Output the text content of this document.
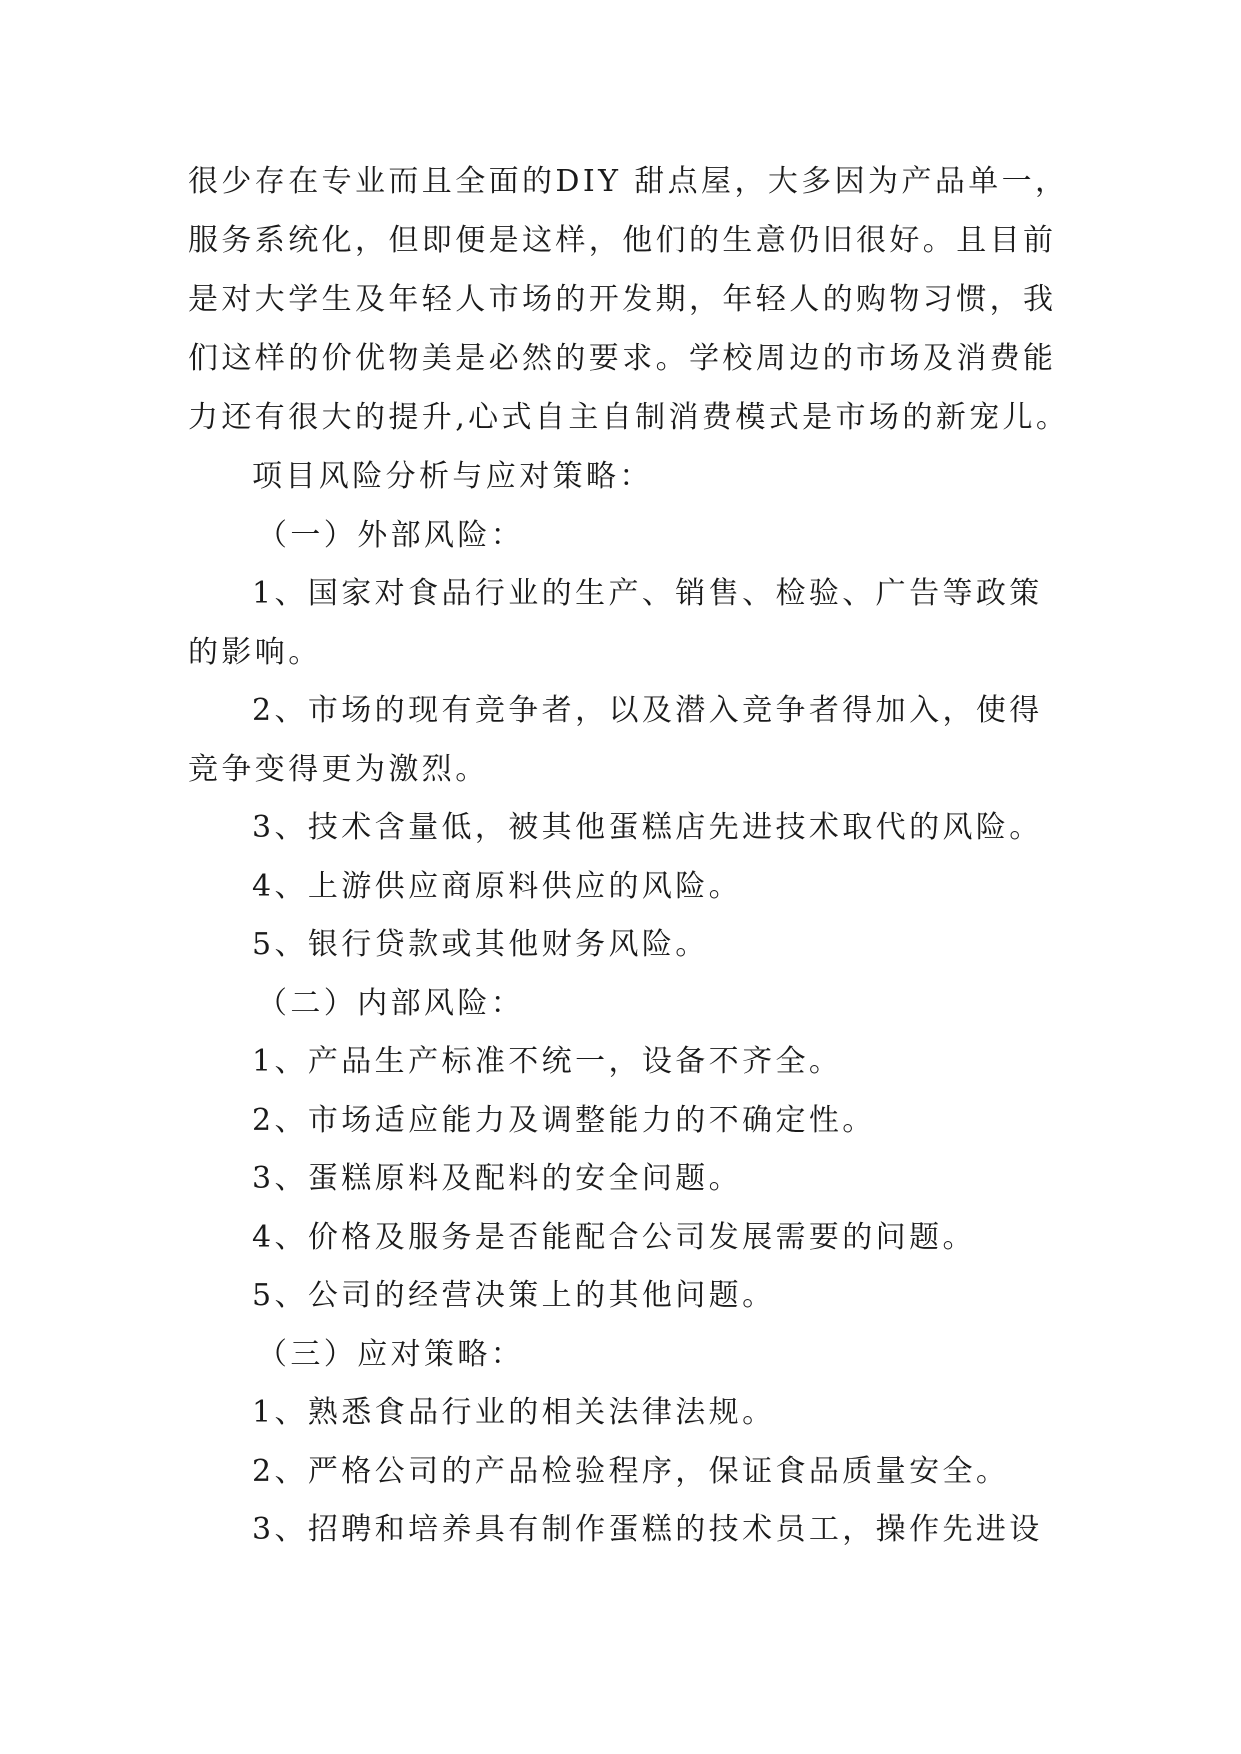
很少存在专业而且全面的DIY 甜点屋，大多因为产品单一，
服务系统化，但即便是这样，他们的生意仍旧很好。且目前
是对大学生及年轻人市场的开发期，年轻人的购物习惯，我
们这样的价优物美是必然的要求。学校周边的市场及消费能
力还有很大的提升,心式自主自制消费模式是市场的新宠儿。
项目风险分析与应对策略：
（一）外部风险：
1、国家对食品行业的生产、销售、检验、广告等政策
的影响。
2、市场的现有竞争者，以及潜入竞争者得加入，使得
竞争变得更为激烈。
3、技术含量低，被其他蛋糕店先进技术取代的风险。
4、上游供应商原料供应的风险。
5、银行贷款或其他财务风险。
（二）内部风险：
1、产品生产标准不统一，设备不齐全。
2、市场适应能力及调整能力的不确定性。
3、蛋糕原料及配料的安全问题。
4、价格及服务是否能配合公司发展需要的问题。
5、公司的经营决策上的其他问题。
（三）应对策略：
1、熟悉食品行业的相关法律法规。
2、严格公司的产品检验程序，保证食品质量安全。
3、招聘和培养具有制作蛋糕的技术员工，操作先进设
